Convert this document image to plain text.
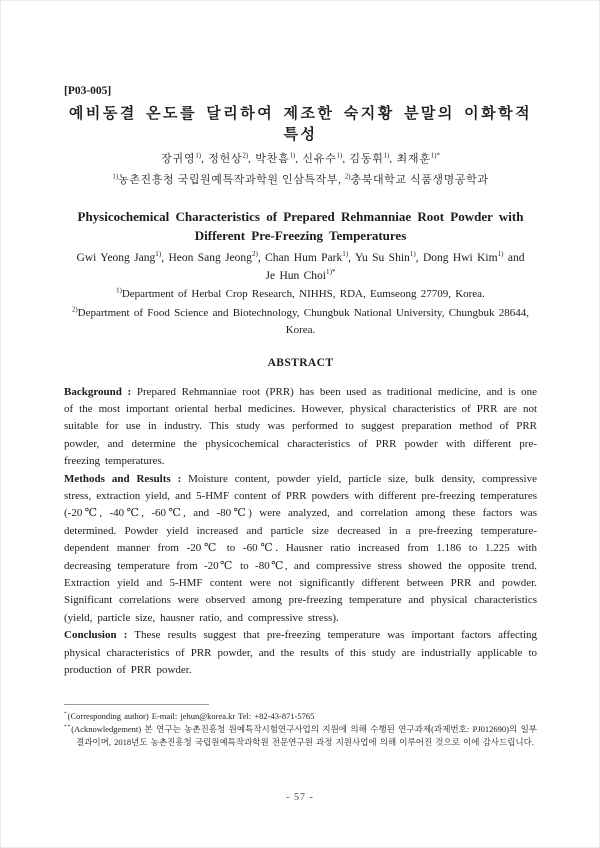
[P03-005]
예비동결 온도를 달리하여 제조한 숙지황 분말의 이화학적 특성
장귀영$^{1)}$, 정헌상$^{2)}$, 박찬흠$^{1)}$, 신유수$^{1)}$, 김동휘$^{1)}$, 최재훈$^{1)*}$
$^{1)}$농촌진흥청 국립원예특작과학원 인삼특작부, $^{2)}$충북대학교 식품생명공학과
Physicochemical Characteristics of Prepared Rehmanniae Root Powder with
Different Pre-Freezing Temperatures
Gwi Yeong Jang$^{1)}$, Heon Sang Jeong$^{2)}$, Chan Hum Park$^{1)}$, Yu Su Shin$^{1)}$, Dong Hwi Kim$^{1)}$ and
Je Hun Choi$^{1)*}$
$^{1)}$Department of Herbal Crop Research, NIHHS, RDA, Eumseong 27709, Korea.
$^{2)}$Department of Food Science and Biotechnology, Chungbuk National University, Chungbuk 28644, Korea.
ABSTRACT

Background : Prepared Rehmanniae root (PRR) has been used as traditional medicine, and is one of the most important oriental herbal medicines. However, physical characteristics of PRR are not suitable for use in industry. This study was performed to suggest preparation method of PRR powder, and determine the physicochemical characteristics of PRR powder with different pre-freezing temperatures.

Methods and Results : Moisture content, powder yield, particle size, bulk density, compressive stress, extraction yield, and 5-HMF content of PRR powders with different pre-freezing temperatures (-20℃, -40℃, -60℃, and -80℃) were analyzed, and correlation among these factors was determined. Powder yield increased and particle size decreased in a pre-freezing temperature-dependent manner from -20℃ to -60℃. Hausner ratio increased from 1.186 to 1.225 with decreasing temperature from -20℃ to -80℃, and compressive stress showed the opposite trend. Extraction yield and 5-HMF content were not significantly different between PRR and powder. Significant correlations were observed among pre-freezing temperature and physical characteristics (yield, particle size, hausner ratio, and compressive stress).

Conclusion : These results suggest that pre-freezing temperature was important factors affecting physical characteristics of PRR powder, and the results of this study are industrially applicable to production of PRR powder.

*(Corresponding author) E-mail: jehun@korea.kr Tel: +82-43-871-5765

**(Acknowledgement) 본 연구는 농촌진흥청 원예특작시험연구사업의 지원에 의해 수행된 연구과제(과제번호: PJ012690)의 일부 결과이며, 2018년도 농촌진흥청 국립원예특작과학원 전문연구원 과정 지원사업에 의해 이루어진 것으로 이에 감사드립니다.

- 57 -
